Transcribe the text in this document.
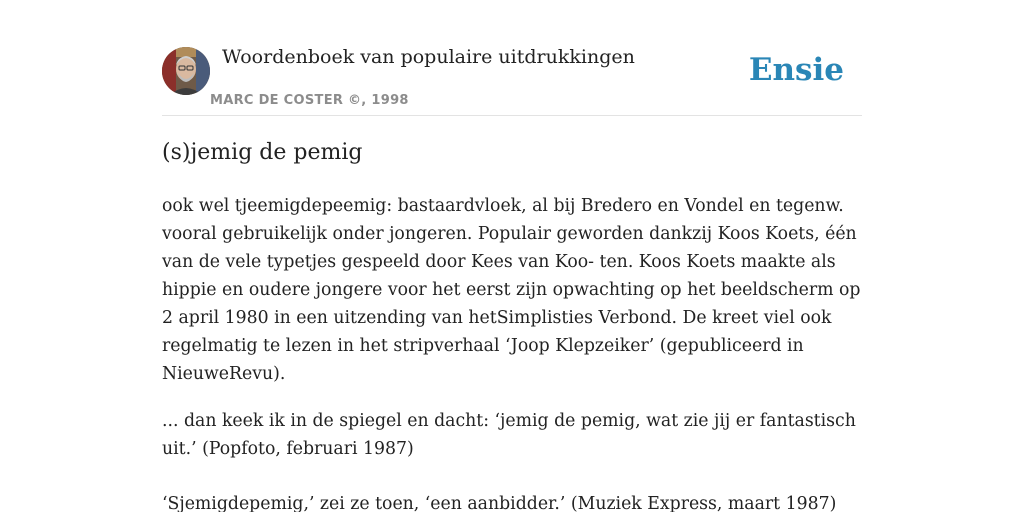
Woordenboek van populaire uitdrukkingen
MARC DE COSTER ©, 1998
Ensie
(s)jemig de pemig

ook wel tjeemigdepeemig: bastaardvloek, al bij Bredero en Vondel en tegenw. vooral gebruikelijk onder jongeren. Populair geworden dankzij Koos Koets, één van de vele typetjes gespeeld door Kees van Koo- ten. Koos Koets maakte als hippie en oudere jongere voor het eerst zijn opwachting op het beeldscherm op 2 april 1980 in een uitzending van hetSimplisties Verbond. De kreet viel ook regelmatig te lezen in het stripverhaal ‘Joop Klepzeiker’ (gepubliceerd in NieuweRevu).

... dan keek ik in de spiegel en dacht: ‘jemig de pemig, wat zie jij er fantastisch uit.’ (Popfoto, februari 1987)

‘Sjemigdepemig,’ zei ze toen, ‘een aanbidder.’ (Muziek Express, maart 1987)
